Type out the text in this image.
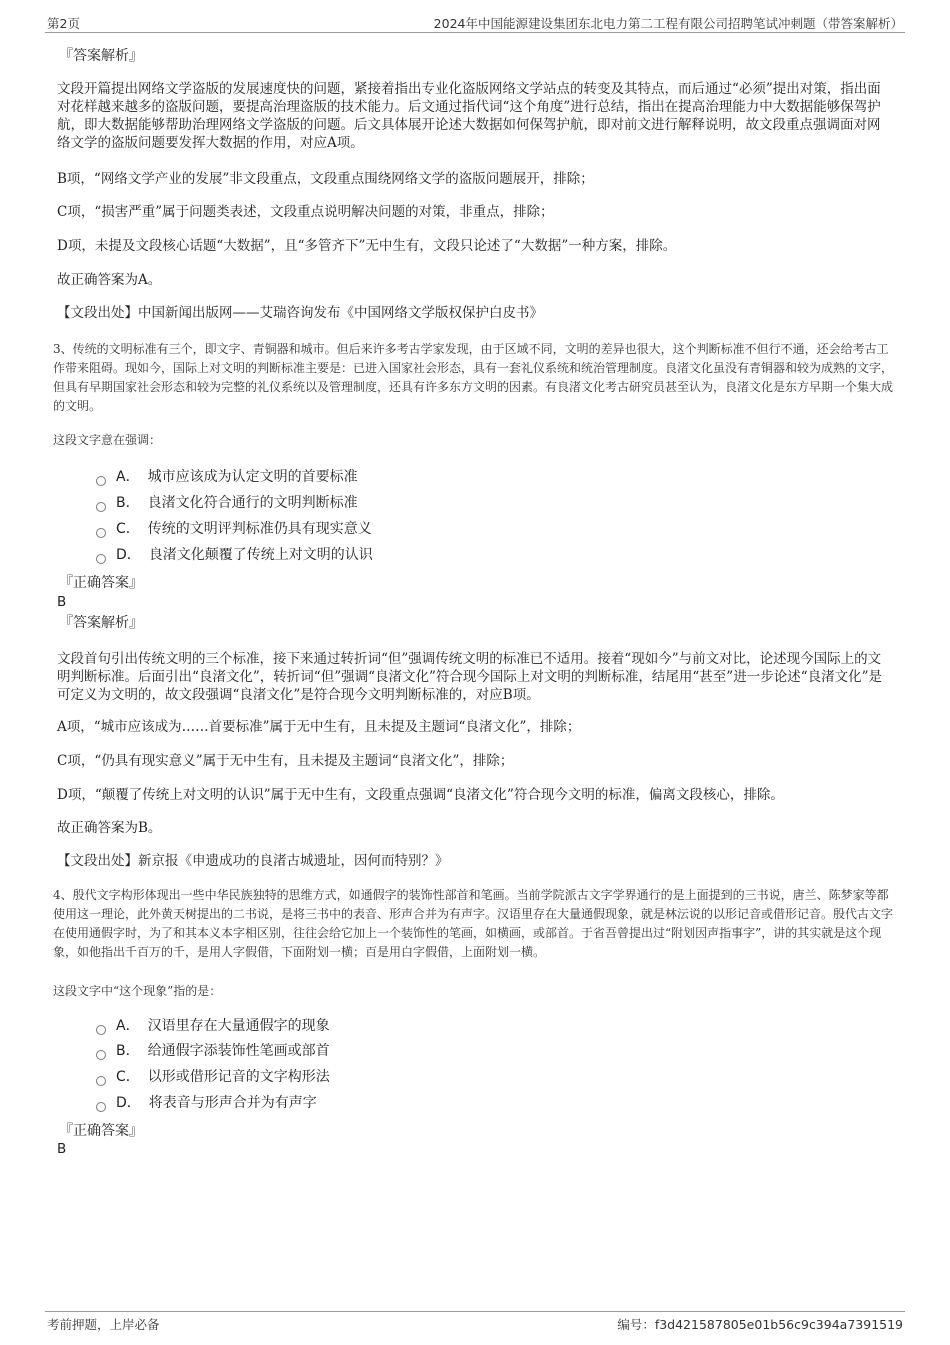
第2页	2024年中国能源建设集团东北电力第二工程有限公司招聘笔试冲刺题（带答案解析）
『答案解析』
文段开篇提出网络文学盗版的发展速度快的问题，紧接着指出专业化盗版网络文学站点的转变及其特点，而后通过“必须”提出对策，指出面对花样越来越多的盗版问题，要提高治理盗版的技术能力。后文通过指代词“这个角度”进行总结，指出在提高治理能力中大数据能够保驾护航，即大数据能够帮助治理网络文学盗版的问题。后文具体展开论述大数据如何保驾护航，即对前文进行解释说明，故文段重点强调面对网络文学的盗版问题要发挥大数据的作用，对应A项。
B项，“网络文学产业的发展”非文段重点，文段重点围绕网络文学的盗版问题展开，排除；
C项，“损害严重”属于问题类表述，文段重点说明解决问题的对策，非重点，排除；
D项，未提及文段核心话题“大数据”，且“多管齐下”无中生有，文段只论述了“大数据”一种方案，排除。
故正确答案为A。
【文段出处】中国新闻出版网——艾瑞咨询发布《中国网络文学版权保护白皮书》
3、传统的文明标准有三个，即文字、青铜器和城市。但后来许多考古学家发现，由于区域不同，文明的差异也很大，这个判断标准不但行不通，还会给考古工作带来阻碍。现如今，国际上对文明的判断标准主要是：已进入国家社会形态，具有一套礼仪系统和统治管理制度。良渚文化虽没有青铜器和较为成熟的文字，但具有早期国家社会形态和较为完整的礼仪系统以及管理制度，还具有许多东方文明的因素。有良渚文化考古研究员甚至认为，良渚文化是东方早期一个集大成的文明。
这段文字意在强调：
A． 城市应该成为认定文明的首要标准
B． 良渚文化符合通行的文明判断标准
C． 传统的文明评判标准仍具有现实意义
D． 良渚文化颠覆了传统上对文明的认识
『正确答案』
B
『答案解析』
文段首句引出传统文明的三个标准，接下来通过转折词“但”强调传统文明的标准已不适用。接着“现如今”与前文对比，论述现今国际上的文明判断标准。后面引出“良渚文化”，转折词“但”强调“良渚文化”符合现今国际上对文明的判断标准，结尾用“甚至”进一步论述“良渚文化”是可定义为文明的，故文段强调“良渚文化”是符合现今文明判断标准的，对应B项。
A项，“城市应该成为……首要标准”属于无中生有，且未提及主题词“良渚文化”，排除；
C项，“仍具有现实意义”属于无中生有，且未提及主题词“良渚文化”，排除；
D项，“颠覆了传统上对文明的认识”属于无中生有，文段重点强调“良渚文化”符合现今文明的标准，偏离文段核心，排除。
故正确答案为B。
【文段出处】新京报《申遗成功的良渚古城遗址，因何而特别？》
4、殷代文字构形体现出一些中华民族独特的思维方式，如通假字的装饰性部首和笔画。当前学院派古文字学界通行的是上面提到的三书说，唐兰、陈梦家等都使用这一理论，此外黄天树提出的二书说，是将三书中的表音、形声合并为有声字。汉语里存在大量通假现象，就是林沄说的以形记音或借形记音。殷代古文字在使用通假字时，为了和其本义本字相区别，往往会给它加上一个装饰性的笔画，如横画，或部首。于省吾曾提出过“附划因声指事字”，讲的其实就是这个现象，如他指出千百万的千，是用人字假借，下面附划一横；百是用白字假借，上面附划一横。
这段文字中“这个现象”指的是：
A． 汉语里存在大量通假字的现象
B． 给通假字添装饰性笔画或部首
C． 以形或借形记音的文字构形法
D． 将表音与形声合并为有声字
『正确答案』
B
考前押题，上岸必备	编号：f3d421587805e01b56c9c394a7391519
